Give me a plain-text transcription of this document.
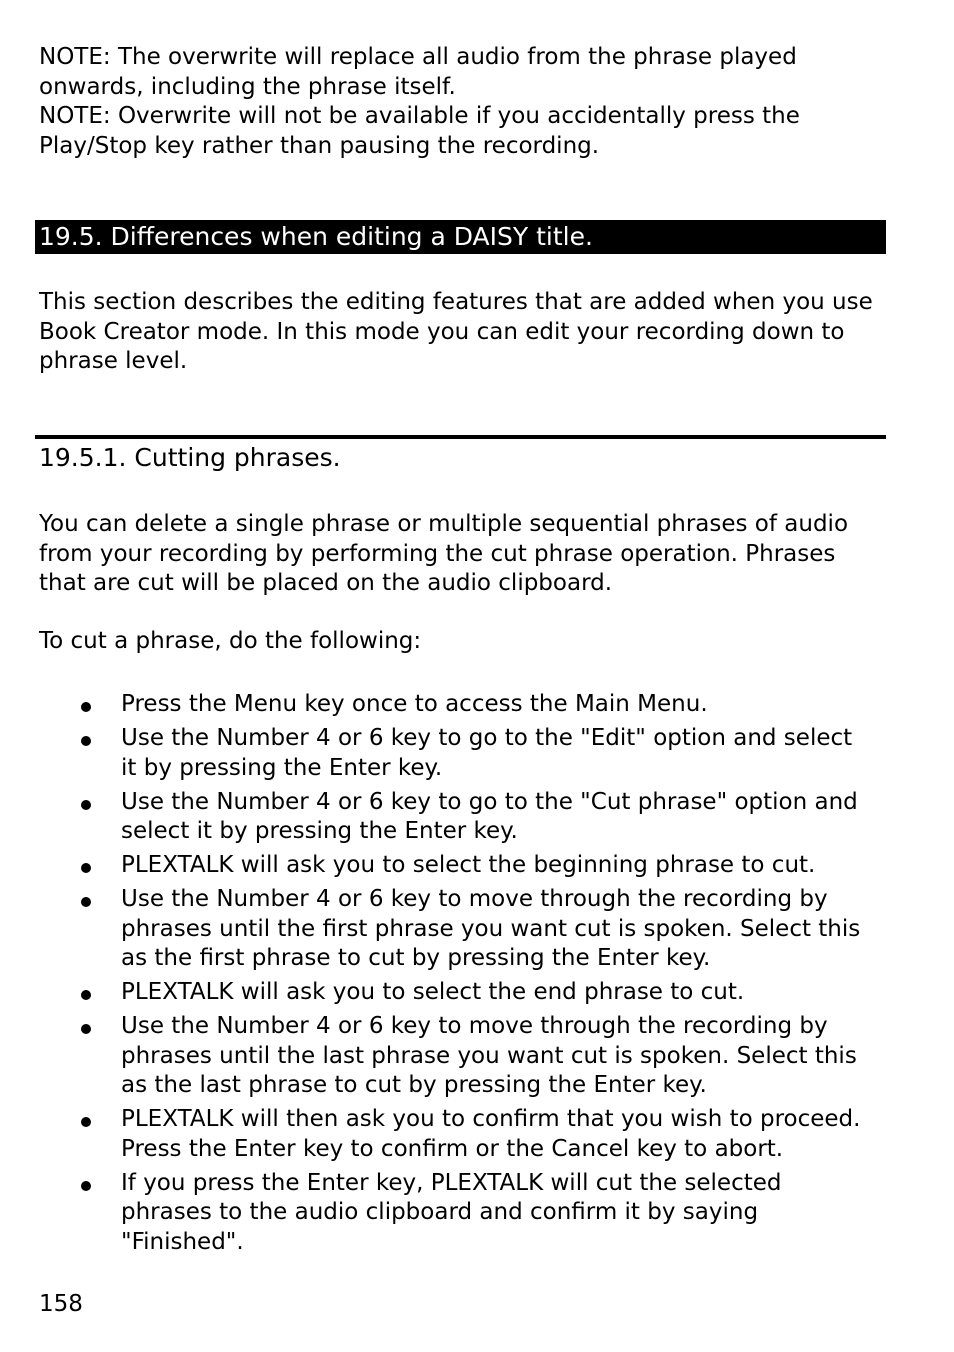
NOTE: The overwrite will replace all audio from the phrase played onwards, including the phrase itself.
NOTE: Overwrite will not be available if you accidentally press the Play/Stop key rather than pausing the recording.

19.5. Differences when editing a DAISY title.

This section describes the editing features that are added when you use Book Creator mode. In this mode you can edit your recording down to phrase level.

19.5.1. Cutting phrases.

You can delete a single phrase or multiple sequential phrases of audio from your recording by performing the cut phrase operation. Phrases that are cut will be placed on the audio clipboard.

To cut a phrase, do the following:

Press the Menu key once to access the Main Menu.
Use the Number 4 or 6 key to go to the "Edit" option and select it by pressing the Enter key.
Use the Number 4 or 6 key to go to the "Cut phrase" option and select it by pressing the Enter key.
PLEXTALK will ask you to select the beginning phrase to cut.
Use the Number 4 or 6 key to move through the recording by phrases until the first phrase you want cut is spoken. Select this as the first phrase to cut by pressing the Enter key.
PLEXTALK will ask you to select the end phrase to cut.
Use the Number 4 or 6 key to move through the recording by phrases until the last phrase you want cut is spoken. Select this as the last phrase to cut by pressing the Enter key.
PLEXTALK will then ask you to confirm that you wish to proceed. Press the Enter key to confirm or the Cancel key to abort.
If you press the Enter key, PLEXTALK will cut the selected phrases to the audio clipboard and confirm it by saying "Finished".
158
